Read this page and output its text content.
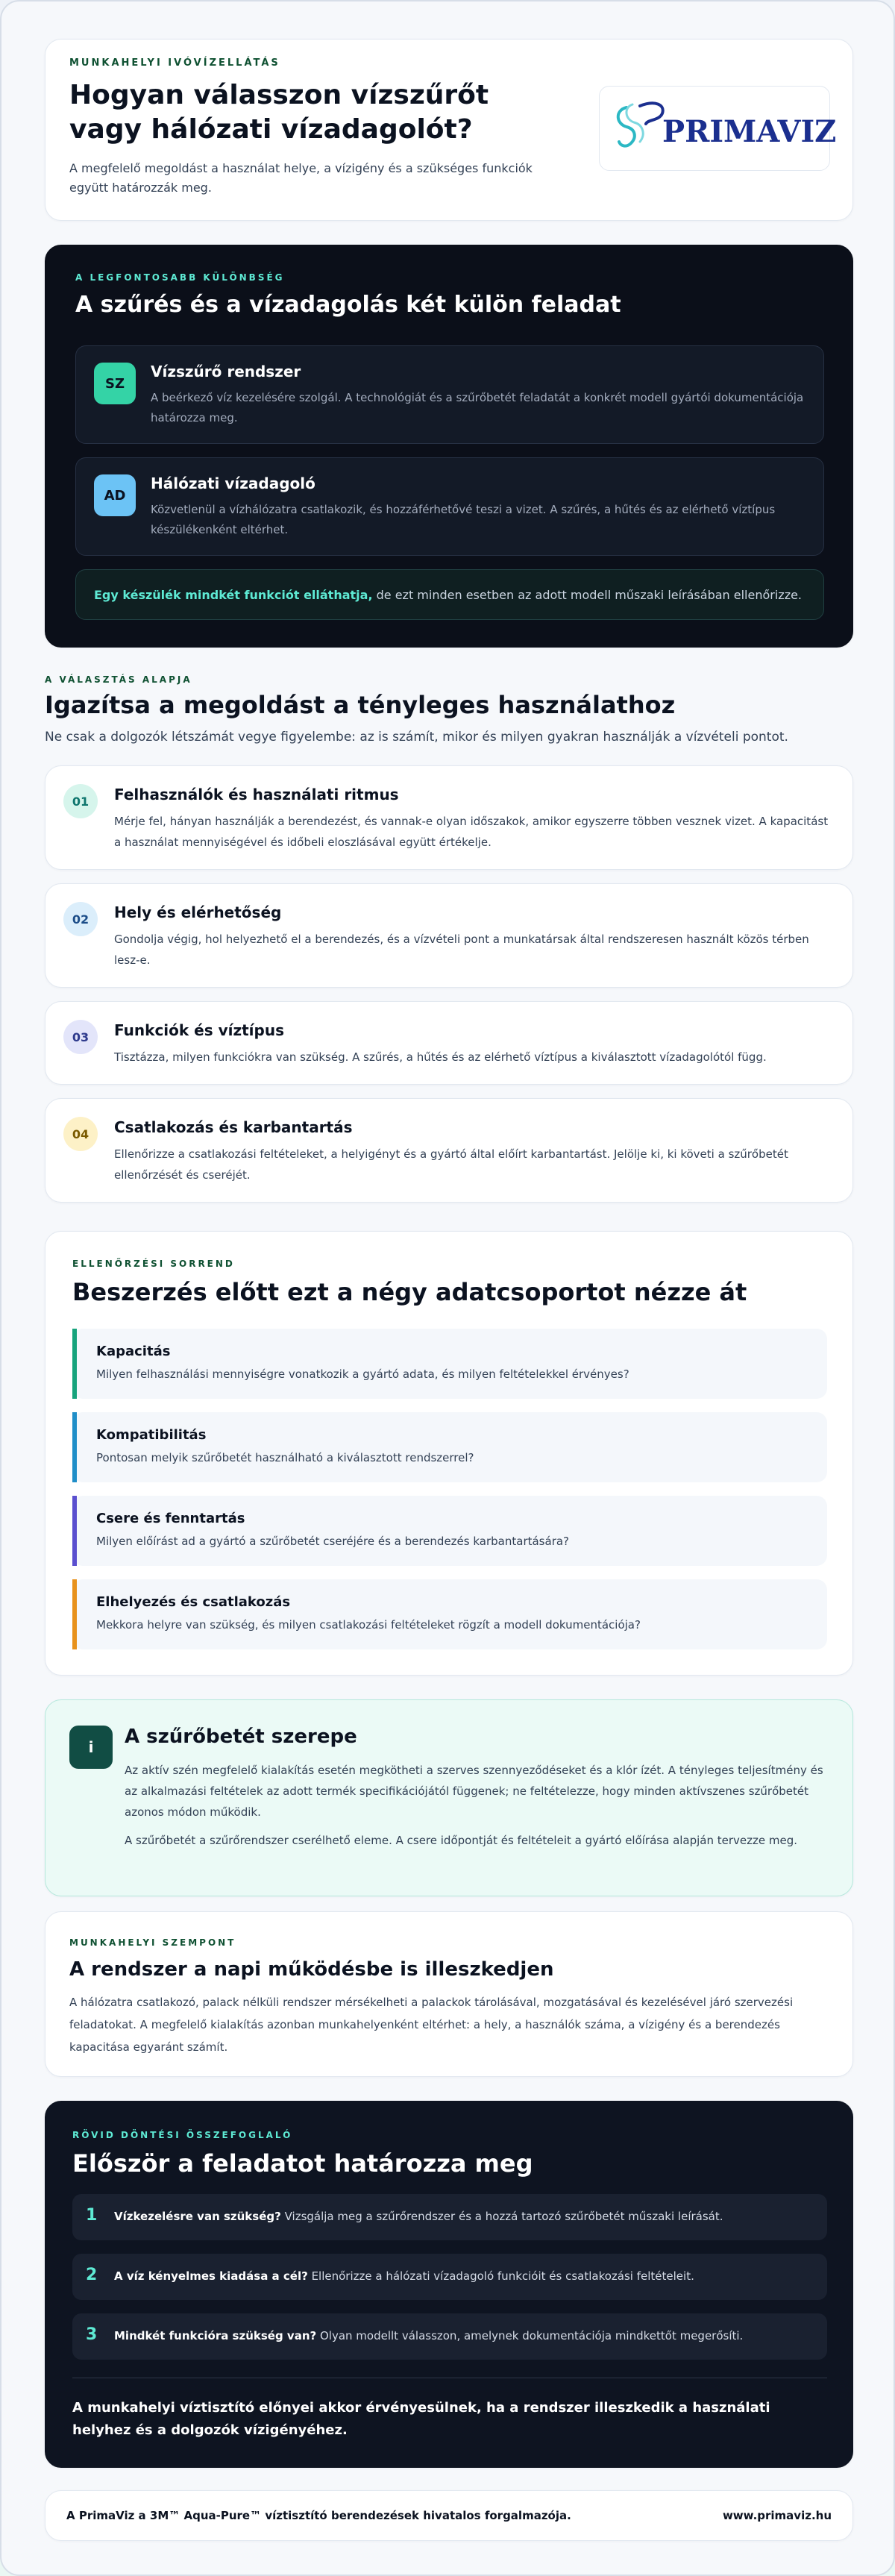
MUNKAHELYI IVÓVÍZELLÁTÁS
Hogyan válasszon vízszűrőt vagy hálózati vízadagolót?

A megfelelő megoldást a használat helye, a vízigény és a szükséges funkciók együtt határozzák meg.

PRIMAVIZ
A LEGFONTOSABB KÜLÖNBSÉG
A szűrés és a vízadagolás két külön feladat
SZ
Vízszűrő rendszer

A beérkező víz kezelésére szolgál. A technológiát és a szűrőbetét feladatát a konkrét modell gyártói dokumentációja határozza meg.

AD
Hálózati vízadagoló

Közvetlenül a vízhálózatra csatlakozik, és hozzáférhetővé teszi a vizet. A szűrés, a hűtés és az elérhető víztípus készülékenként eltérhet.

Egy készülék mindkét funkciót elláthatja, de ezt minden esetben az adott modell műszaki leírásában ellenőrizze.
A VÁLASZTÁS ALAPJA
Igazítsa a megoldást a tényleges használathoz
Ne csak a dolgozók létszámát vegye figyelembe: az is számít, mikor és milyen gyakran használják a vízvételi pontot.
01	Felhasználók és használati ritmus

Mérje fel, hányan használják a berendezést, és vannak-e olyan időszakok, amikor egyszerre többen vesznek vizet. A kapacitást a használat mennyiségével és időbeli eloszlásával együtt értékelje.

02	Hely és elérhetőség

Gondolja végig, hol helyezhető el a berendezés, és a vízvételi pont a munkatársak által rendszeresen használt közös térben lesz-e.

03	Funkciók és víztípus

Tisztázza, milyen funkciókra van szükség. A szűrés, a hűtés és az elérhető víztípus a kiválasztott vízadagolótól függ.

04	Csatlakozás és karbantartás

Ellenőrizze a csatlakozási feltételeket, a helyigényt és a gyártó által előírt karbantartást. Jelölje ki, ki követi a szűrőbetét ellenőrzését és cseréjét.

ELLENŐRZÉSI SORREND
Beszerzés előtt ezt a négy adatcsoportot nézze át
Kapacitás

Milyen felhasználási mennyiségre vonatkozik a gyártó adata, és milyen feltételekkel érvényes?

Kompatibilitás

Pontosan melyik szűrőbetét használható a kiválasztott rendszerrel?

Csere és fenntartás

Milyen előírást ad a gyártó a szűrőbetét cseréjére és a berendezés karbantartására?

Elhelyezés és csatlakozás

Mekkora helyre van szükség, és milyen csatlakozási feltételeket rögzít a modell dokumentációja?

i	A szűrőbetét szerepe

Az aktív szén megfelelő kialakítás esetén megkötheti a szerves szennyeződéseket és a klór ízét. A tényleges teljesítmény és az alkalmazási feltételek az adott termék specifikációjától függenek; ne feltételezze, hogy minden aktívszenes szűrőbetét azonos módon működik.

A szűrőbetét a szűrőrendszer cserélhető eleme. A csere időpontját és feltételeit a gyártó előírása alapján tervezze meg.

MUNKAHELYI SZEMPONT
A rendszer a napi működésbe is illeszkedjen

A hálózatra csatlakozó, palack nélküli rendszer mérsékelheti a palackok tárolásával, mozgatásával és kezelésével járó szervezési feladatokat. A megfelelő kialakítás azonban munkahelyenként eltérhet: a hely, a használók száma, a vízigény és a berendezés kapacitása egyaránt számít.

RÖVID DÖNTÉSI ÖSSZEFOGLALÓ
Először a feladatot határozza meg
1 Vízkezelésre van szükség? Vizsgálja meg a szűrőrendszer és a hozzá tartozó szűrőbetét műszaki leírását.
2 A víz kényelmes kiadása a cél? Ellenőrizze a hálózati vízadagoló funkcióit és csatlakozási feltételeit.
3 Mindkét funkcióra szükség van? Olyan modellt válasszon, amelynek dokumentációja mindkettőt megerősíti.
A munkahelyi víztisztító előnyei akkor érvényesülnek, ha a rendszer illeszkedik a használati helyhez és a dolgozók vízigényéhez.
A PrimaViz a 3M™ Aqua-Pure™ víztisztító berendezések hivatalos forgalmazója.	www.primaviz.hu
